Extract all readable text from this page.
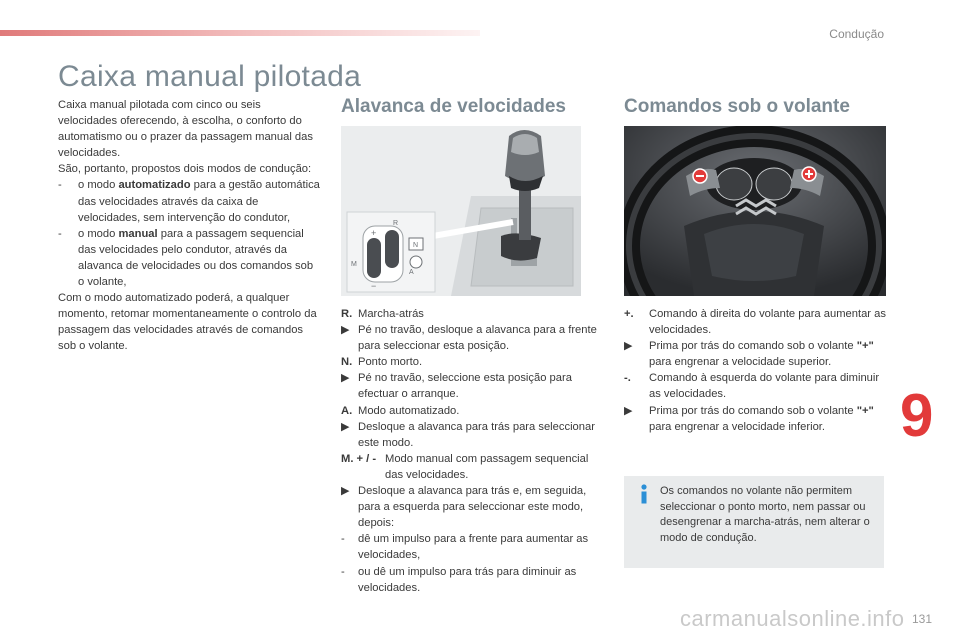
Condução
Caixa manual pilotada
Caixa manual pilotada com cinco ou seis velocidades oferecendo, à escolha, o conforto do automatismo ou o prazer da passagem manual das velocidades.
São, portanto, propostos dois modos de condução:
-	o modo automatizado para a gestão automática das velocidades através da caixa de velocidades, sem intervenção do condutor,
-	o modo manual para a passagem sequencial das velocidades pelo condutor, através da alavanca de velocidades ou dos comandos sob o volante,
Com o modo automatizado poderá, a qualquer momento, retomar momentaneamente o controlo da passagem das velocidades através de comandos sob o volante.
Alavanca de velocidades
R
N
A
M
+
−
Comandos sob o volante
R. Marcha-atrás
▶ Pé no travão, desloque a alavanca para a frente para seleccionar esta posição.
N. Ponto morto.
▶ Pé no travão, seleccione esta posição para efectuar o arranque.
A. Modo automatizado.
▶ Desloque a alavanca para trás para seleccionar este modo.
M. + / - Modo manual com passagem sequencial das velocidades.
▶ Desloque a alavanca para trás e, em seguida, para a esquerda para seleccionar este modo, depois:
-	dê um impulso para a frente para aumentar as velocidades,
-	ou dê um impulso para trás para diminuir as velocidades.
+.	Comando à direita do volante para aumentar as velocidades.
▶	Prima por trás do comando sob o volante "+" para engrenar a velocidade superior.
-.	Comando à esquerda do volante para diminuir as velocidades.
▶	Prima por trás do comando sob o volante "+" para engrenar a velocidade inferior.
Os comandos no volante não permitem seleccionar o ponto morto, nem passar ou desengrenar a marcha-atrás, nem alterar o modo de condução.
9
carmanualsonline.info 131
